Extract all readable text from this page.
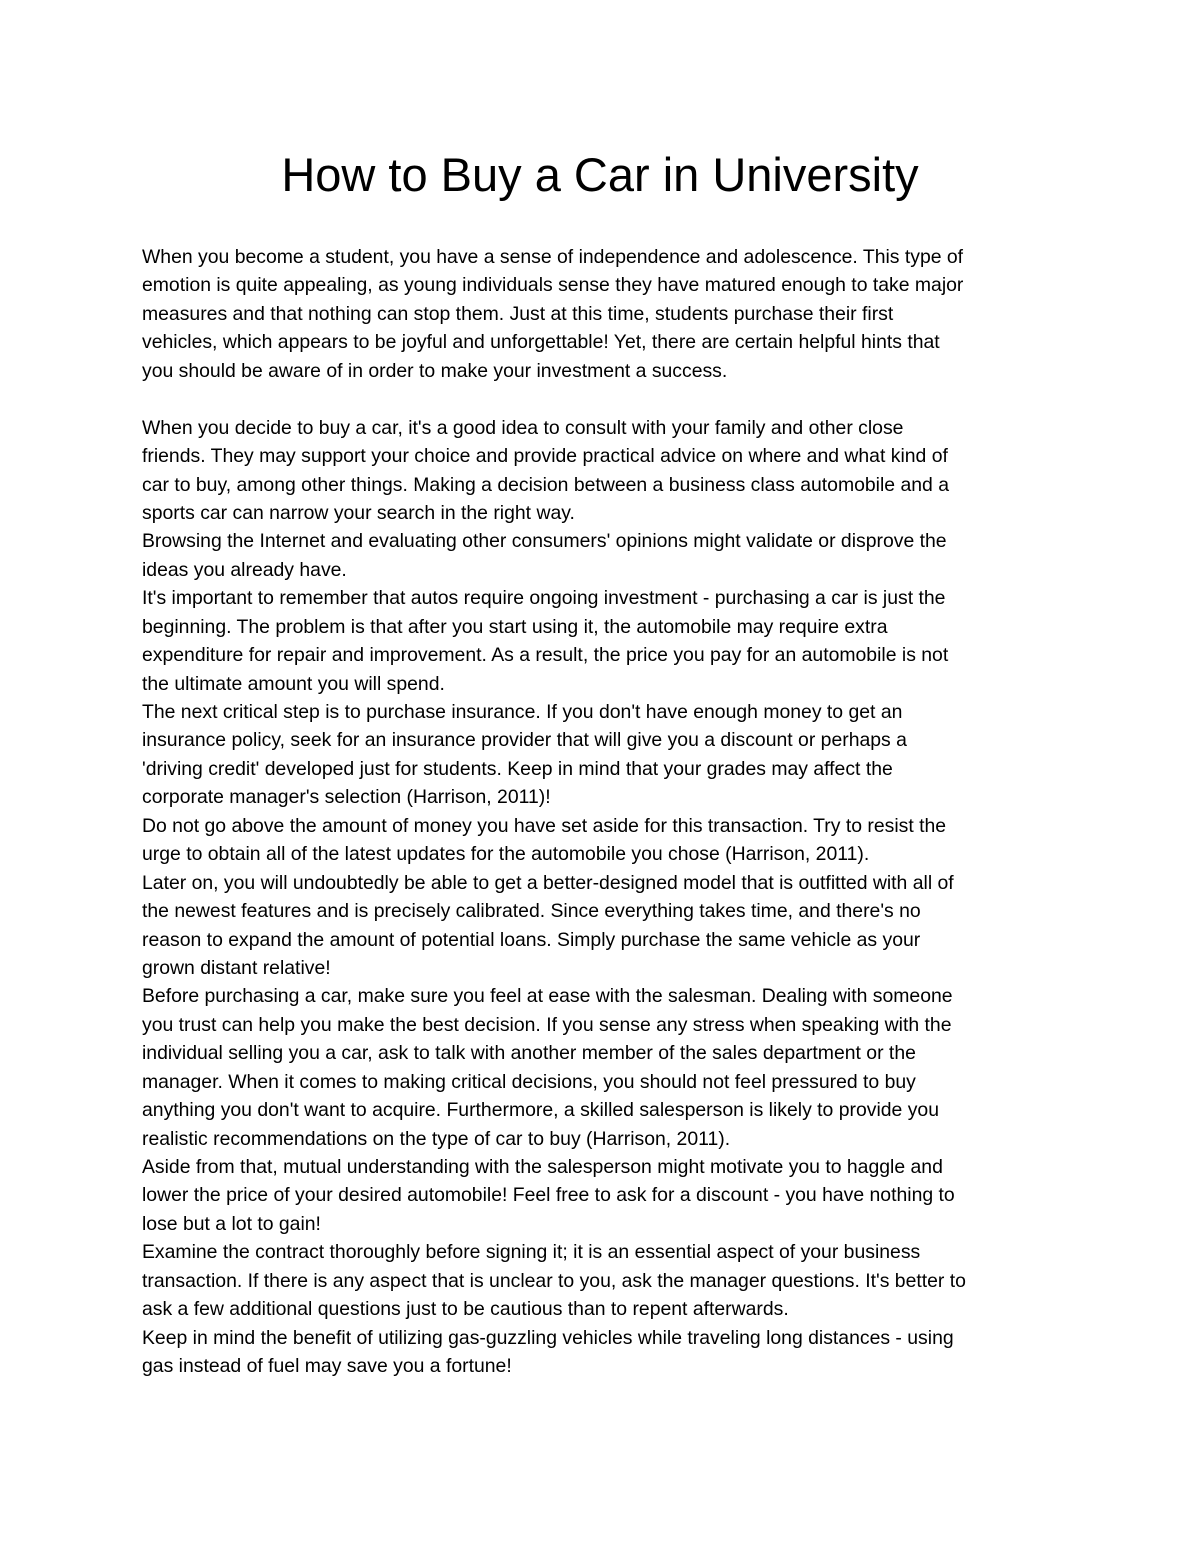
How to Buy a Car in University
When you become a student, you have a sense of independence and adolescence. This type of
emotion is quite appealing, as young individuals sense they have matured enough to take major
measures and that nothing can stop them. Just at this time, students purchase their first
vehicles, which appears to be joyful and unforgettable! Yet, there are certain helpful hints that
you should be aware of in order to make your investment a success.
When you decide to buy a car, it's a good idea to consult with your family and other close
friends. They may support your choice and provide practical advice on where and what kind of
car to buy, among other things. Making a decision between a business class automobile and a
sports car can narrow your search in the right way.
Browsing the Internet and evaluating other consumers' opinions might validate or disprove the
ideas you already have.
It's important to remember that autos require ongoing investment - purchasing a car is just the
beginning. The problem is that after you start using it, the automobile may require extra
expenditure for repair and improvement. As a result, the price you pay for an automobile is not
the ultimate amount you will spend.
The next critical step is to purchase insurance. If you don't have enough money to get an
insurance policy, seek for an insurance provider that will give you a discount or perhaps a
'driving credit' developed just for students. Keep in mind that your grades may affect the
corporate manager's selection (Harrison, 2011)!
Do not go above the amount of money you have set aside for this transaction. Try to resist the
urge to obtain all of the latest updates for the automobile you chose (Harrison, 2011).
Later on, you will undoubtedly be able to get a better-designed model that is outfitted with all of
the newest features and is precisely calibrated. Since everything takes time, and there's no
reason to expand the amount of potential loans. Simply purchase the same vehicle as your
grown distant relative!
Before purchasing a car, make sure you feel at ease with the salesman. Dealing with someone
you trust can help you make the best decision. If you sense any stress when speaking with the
individual selling you a car, ask to talk with another member of the sales department or the
manager. When it comes to making critical decisions, you should not feel pressured to buy
anything you don't want to acquire. Furthermore, a skilled salesperson is likely to provide you
realistic recommendations on the type of car to buy (Harrison, 2011).
Aside from that, mutual understanding with the salesperson might motivate you to haggle and
lower the price of your desired automobile! Feel free to ask for a discount - you have nothing to
lose but a lot to gain!
Examine the contract thoroughly before signing it; it is an essential aspect of your business
transaction. If there is any aspect that is unclear to you, ask the manager questions. It's better to
ask a few additional questions just to be cautious than to repent afterwards.
Keep in mind the benefit of utilizing gas-guzzling vehicles while traveling long distances - using
gas instead of fuel may save you a fortune!
